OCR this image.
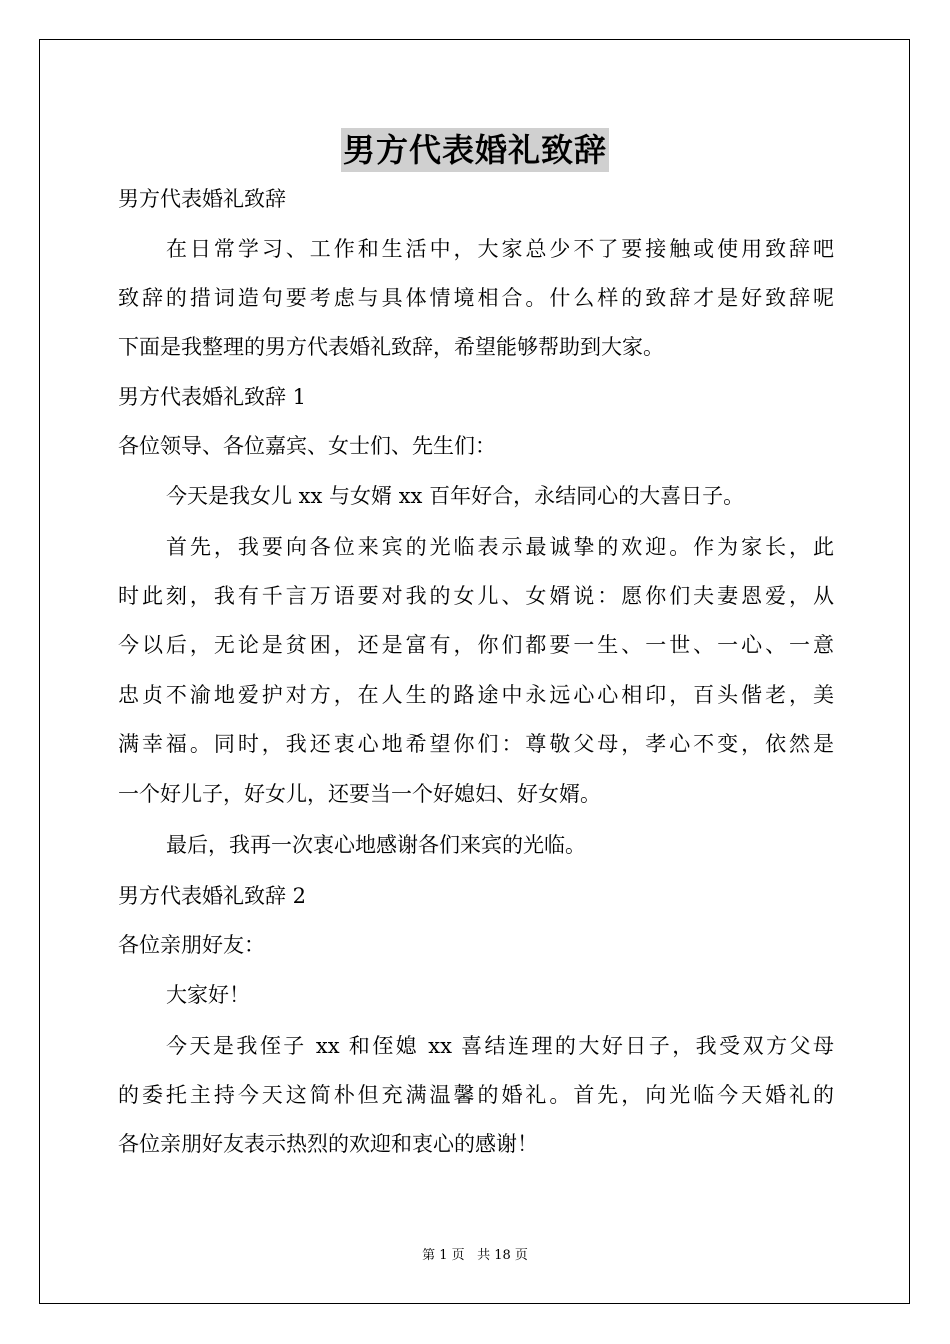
男方代表婚礼致辞
男方代表婚礼致辞
在日常学习、工作和生活中，大家总少不了要接触或使用致辞吧
致辞的措词造句要考虑与具体情境相合。什么样的致辞才是好致辞呢
下面是我整理的男方代表婚礼致辞，希望能够帮助到大家。
男方代表婚礼致辞 1
各位领导、各位嘉宾、女士们、先生们：
今天是我女儿 xx 与女婿 xx 百年好合，永结同心的大喜日子。
首先，我要向各位来宾的光临表示最诚挚的欢迎。作为家长，此
时此刻，我有千言万语要对我的女儿、女婿说：愿你们夫妻恩爱，从
今以后，无论是贫困，还是富有，你们都要一生、一世、一心、一意
忠贞不渝地爱护对方，在人生的路途中永远心心相印，百头偕老，美
满幸福。同时，我还衷心地希望你们：尊敬父母，孝心不变，依然是
一个好儿子，好女儿，还要当一个好媳妇、好女婿。
最后，我再一次衷心地感谢各们来宾的光临。
男方代表婚礼致辞 2
各位亲朋好友：
大家好！
今天是我侄子 xx 和侄媳 xx 喜结连理的大好日子，我受双方父母
的委托主持今天这简朴但充满温馨的婚礼。首先，向光临今天婚礼的
各位亲朋好友表示热烈的欢迎和衷心的感谢！
第 1 页 共 18 页
